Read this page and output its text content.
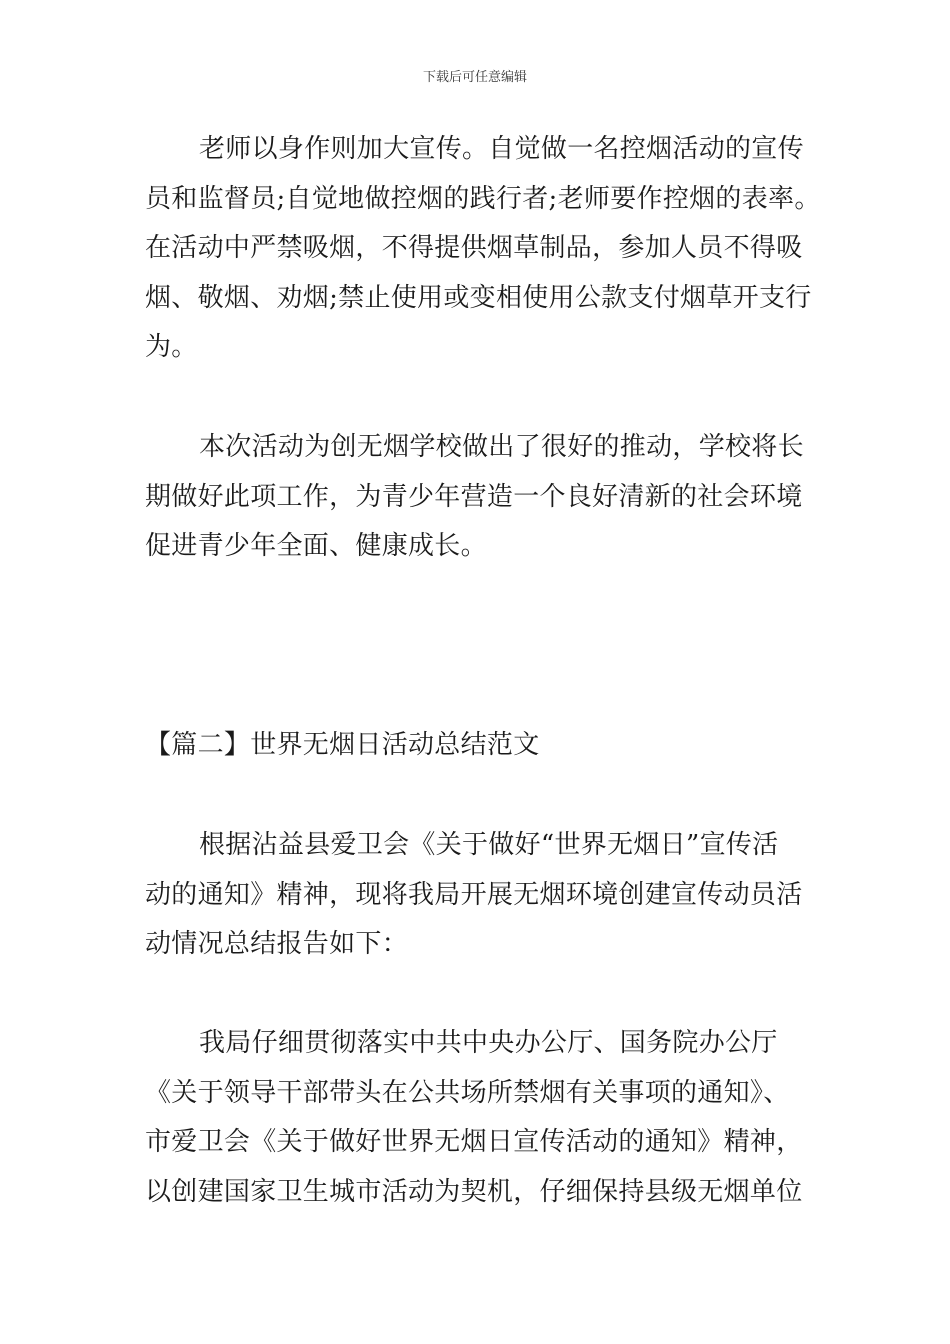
下载后可任意编辑
老师以身作则加大宣传。自觉做一名控烟活动的宣传
员和监督员;自觉地做控烟的践行者;老师要作控烟的表率。
在活动中严禁吸烟，不得提供烟草制品，参加人员不得吸
烟、敬烟、劝烟;禁止使用或变相使用公款支付烟草开支行
为。
本次活动为创无烟学校做出了很好的推动，学校将长
期做好此项工作，为青少年营造一个良好清新的社会环境
促进青少年全面、健康成长。
【篇二】世界无烟日活动总结范文
根据沾益县爱卫会《关于做好“世界无烟日”宣传活
动的通知》精神，现将我局开展无烟环境创建宣传动员活
动情况总结报告如下：
我局仔细贯彻落实中共中央办公厅、国务院办公厅
《关于领导干部带头在公共场所禁烟有关事项的通知》、
市爱卫会《关于做好世界无烟日宣传活动的通知》精神，
以创建国家卫生城市活动为契机，仔细保持县级无烟单位
